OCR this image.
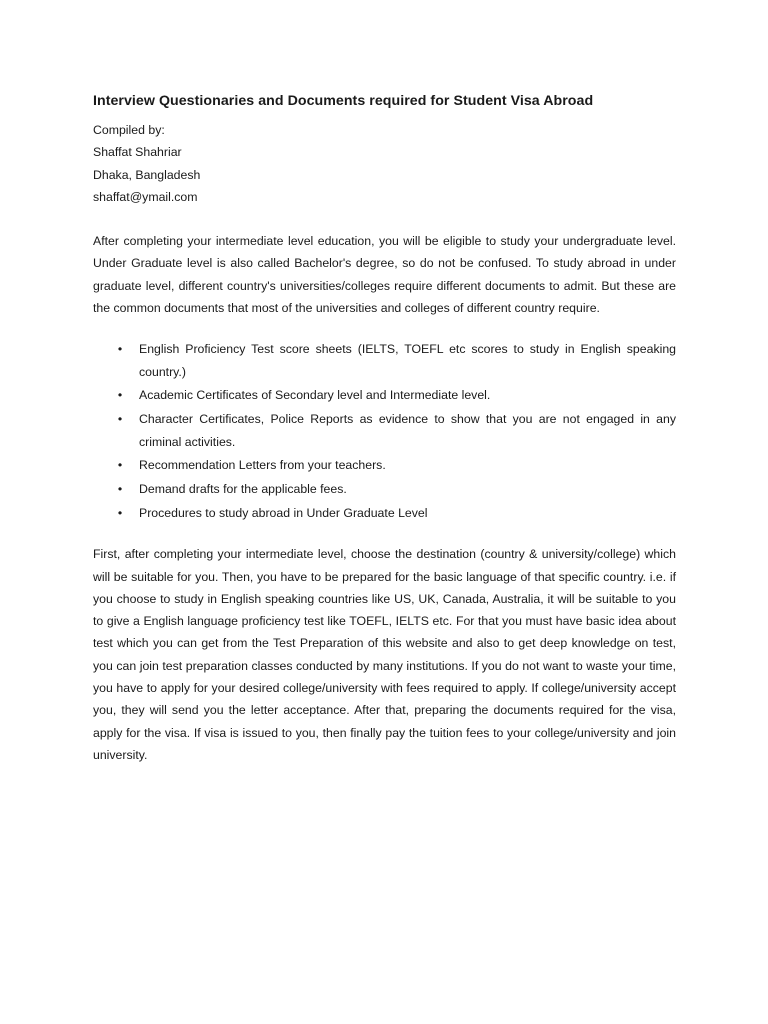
Interview Questionaries and Documents required for Student Visa Abroad
Compiled by:
Shaffat Shahriar
Dhaka, Bangladesh
shaffat@ymail.com

After completing your intermediate level education, you will be eligible to study your undergraduate level. Under Graduate level is also called Bachelor's degree, so do not be confused. To study abroad in under graduate level, different country's universities/colleges require different documents to admit. But these are the common documents that most of the universities and colleges of different country require.

• English Proficiency Test score sheets (IELTS, TOEFL etc scores to study in English speaking country.)
• Academic Certificates of Secondary level and Intermediate level.
• Character Certificates, Police Reports as evidence to show that you are not engaged in any criminal activities.
• Recommendation Letters from your teachers.
• Demand drafts for the applicable fees.
• Procedures to study abroad in Under Graduate Level

First, after completing your intermediate level, choose the destination (country & university/college) which will be suitable for you. Then, you have to be prepared for the basic language of that specific country. i.e. if you choose to study in English speaking countries like US, UK, Canada, Australia, it will be suitable to you to give a English language proficiency test like TOEFL, IELTS etc. For that you must have basic idea about test which you can get from the Test Preparation of this website and also to get deep knowledge on test, you can join test preparation classes conducted by many institutions. If you do not want to waste your time, you have to apply for your desired college/university with fees required to apply. If college/university accept you, they will send you the letter acceptance. After that, preparing the documents required for the visa, apply for the visa. If visa is issued to you, then finally pay the tuition fees to your college/university and join university.
